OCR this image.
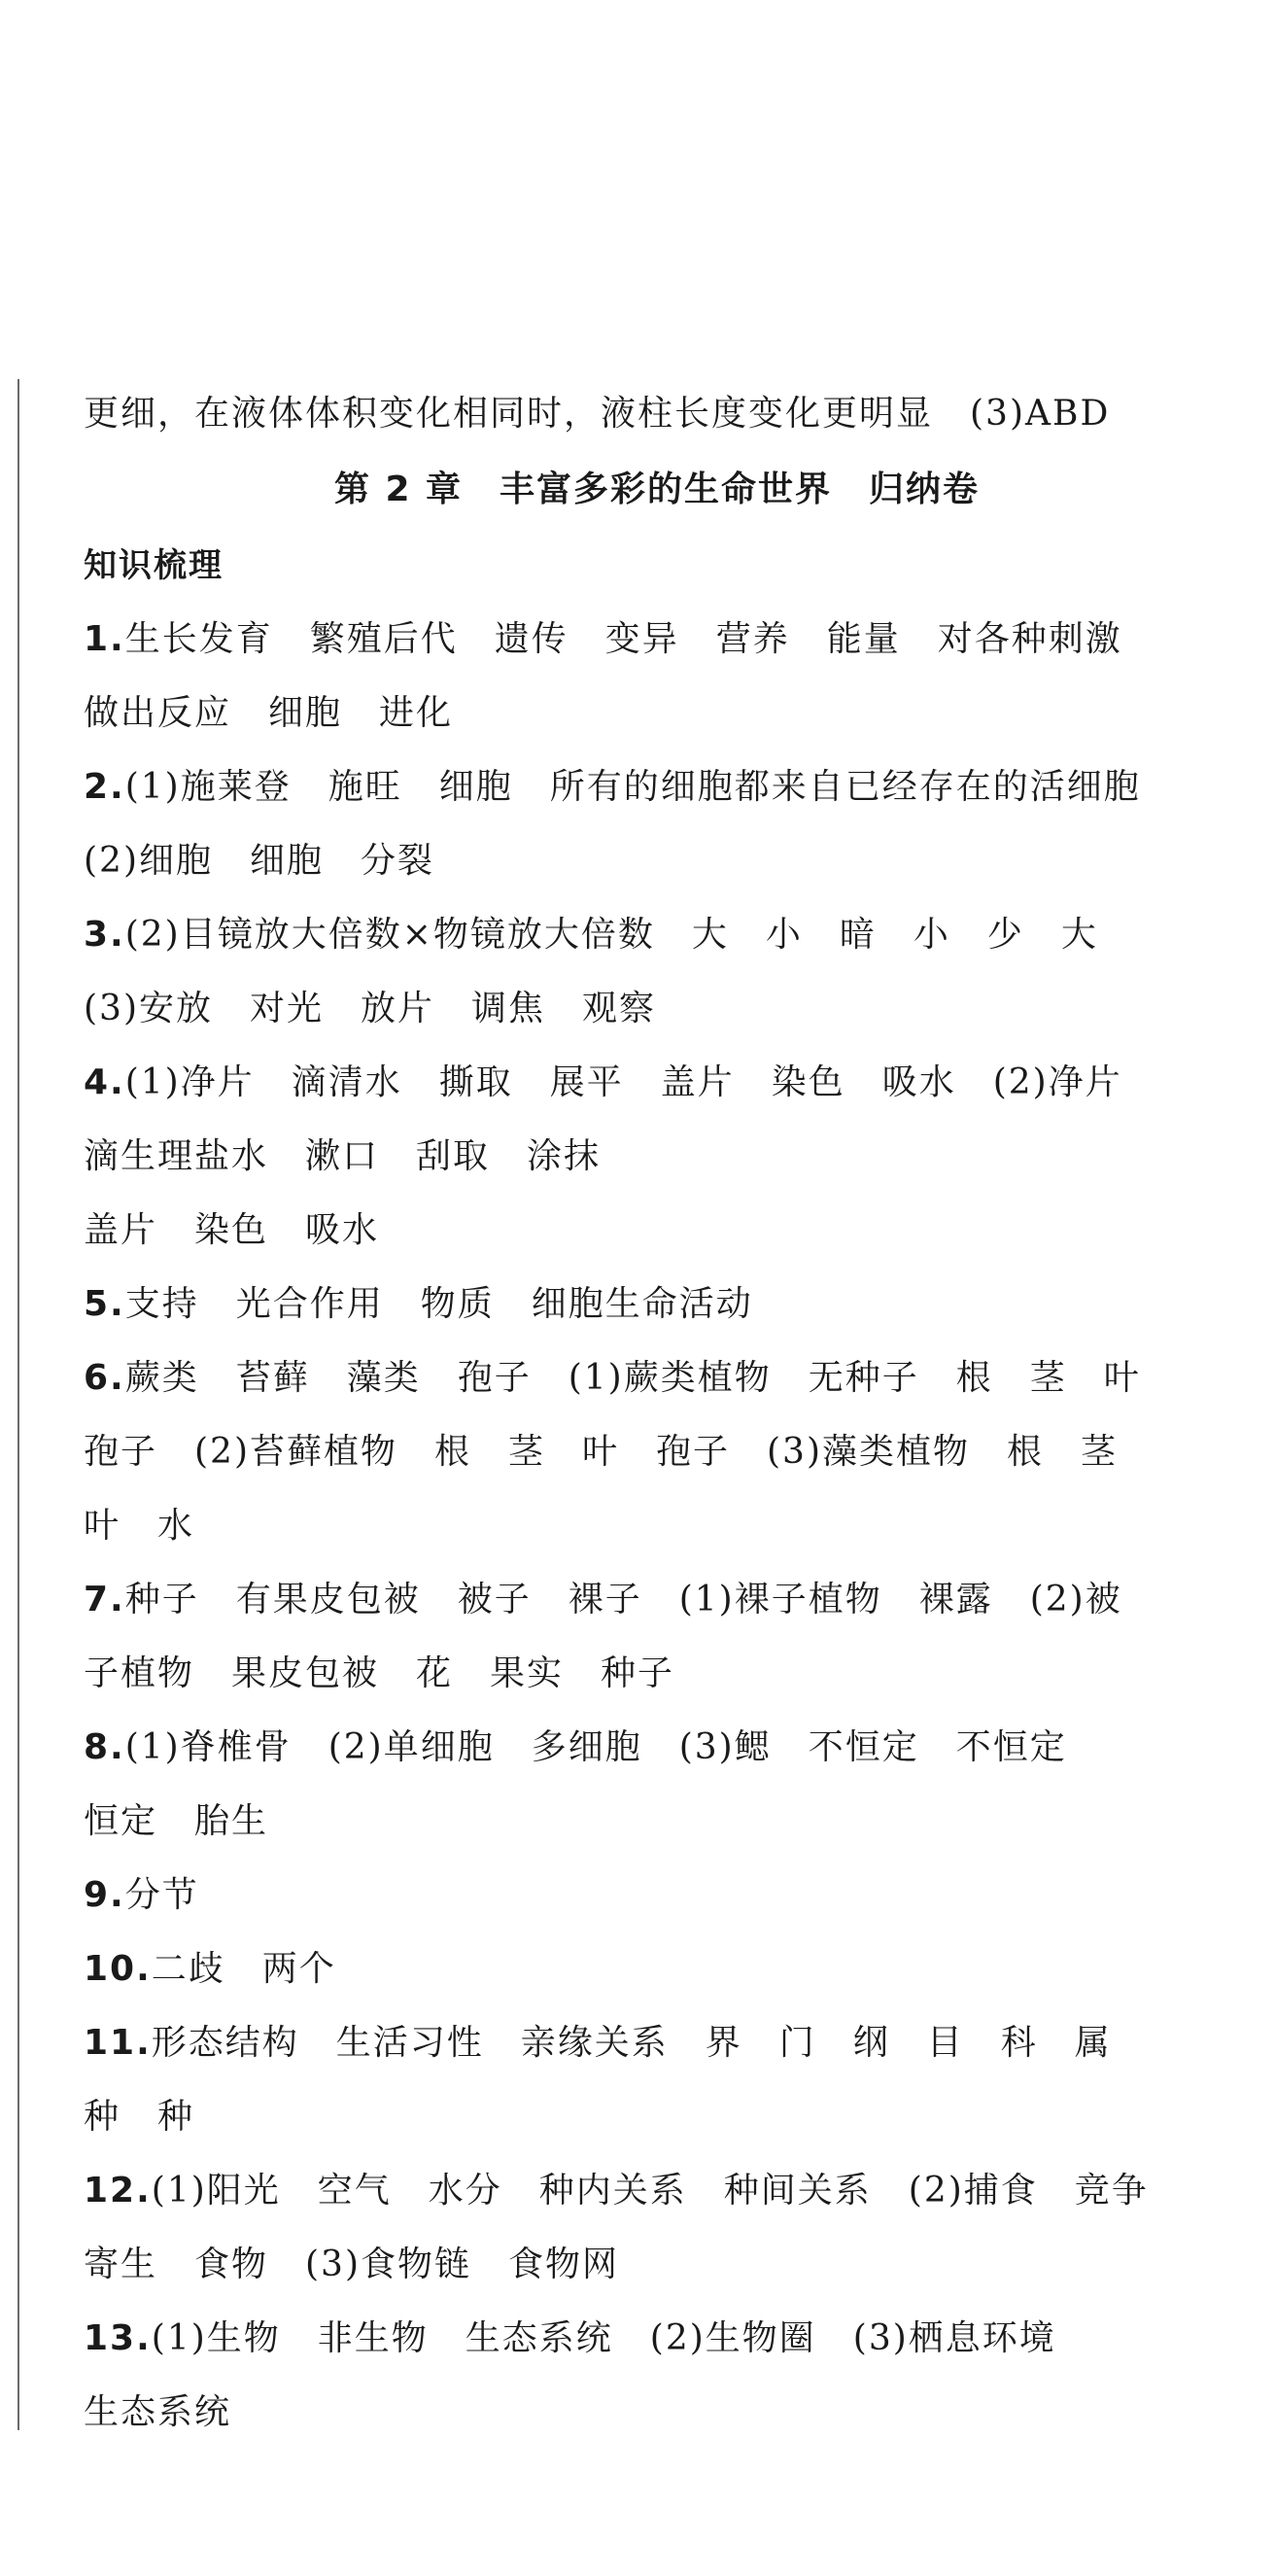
更细，在液体体积变化相同时，液柱长度变化更明显　(3)ABD
第 2 章　丰富多彩的生命世界　归纳卷
知识梳理
1.生长发育　繁殖后代　遗传　变异　营养　能量　对各种刺激
做出反应　细胞　进化
2.(1)施莱登　施旺　细胞　所有的细胞都来自已经存在的活细胞
(2)细胞　细胞　分裂
3.(2)目镜放大倍数×物镜放大倍数　大　小　暗　小　少　大
(3)安放　对光　放片　调焦　观察
4.(1)净片　滴清水　撕取　展平　盖片　染色　吸水　(2)净片
滴生理盐水　漱口　刮取　涂抹
盖片　染色　吸水
5.支持　光合作用　物质　细胞生命活动
6.蕨类　苔藓　藻类　孢子　(1)蕨类植物　无种子　根　茎　叶
孢子　(2)苔藓植物　根　茎　叶　孢子　(3)藻类植物　根　茎
叶　水
7.种子　有果皮包被　被子　裸子　(1)裸子植物　裸露　(2)被
子植物　果皮包被　花　果实　种子
8.(1)脊椎骨　(2)单细胞　多细胞　(3)鳃　不恒定　不恒定
恒定　胎生
9.分节
10.二歧　两个
11.形态结构　生活习性　亲缘关系　界　门　纲　目　科　属
种　种
12.(1)阳光　空气　水分　种内关系　种间关系　(2)捕食　竞争
寄生　食物　(3)食物链　食物网
13.(1)生物　非生物　生态系统　(2)生物圈　(3)栖息环境
生态系统
